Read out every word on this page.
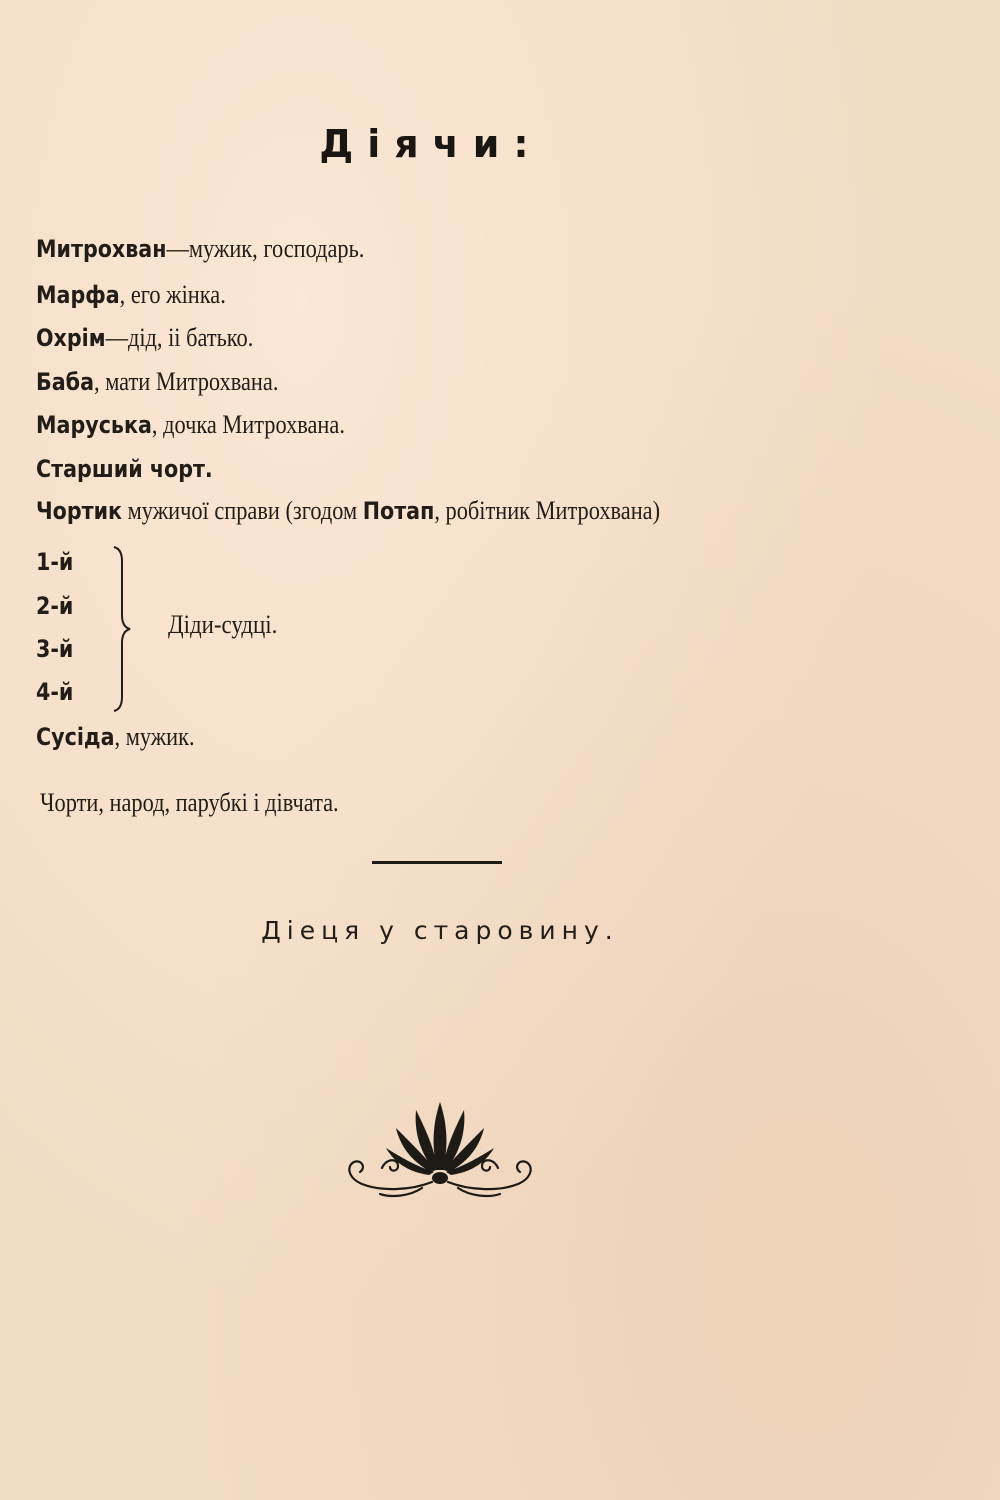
Діячи:
Митрохван—мужик, господарь.
Марфа, его жінка.
Охрім—дід, іі батько.
Баба, мати Митрохвана.
Маруська, дочка Митрохвана.
Старший чорт.
Чортик мужичої справи (згодом Потап, робітник Митрохвана)
1-й
2-й
3-й
4-й
Діди-судці.
Сусіда, мужик.
Чорти, народ, парубкі і дівчата.
Діеця у старовину.
